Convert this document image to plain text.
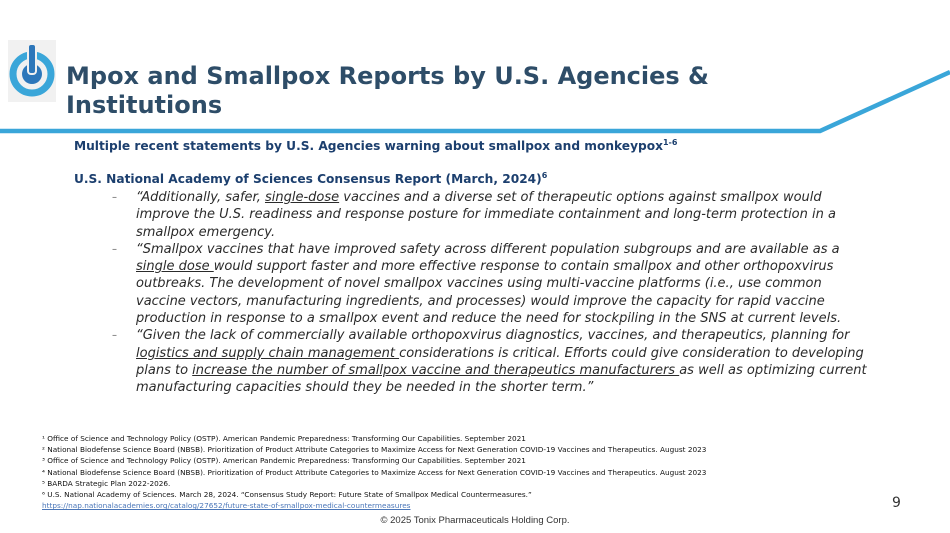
Mpox and Smallpox Reports by U.S. Agencies & Institutions

Multiple recent statements by U.S. Agencies warning about smallpox and monkeypox$^{1-6}$

U.S. National Academy of Sciences Consensus Report (March, 2024)$^6$

– “Additionally, safer, single-dose vaccines and a diverse set of therapeutic options against smallpox would improve the U.S. readiness and response posture for immediate containment and long-term protection in a smallpox emergency.
– “Smallpox vaccines that have improved safety across different population subgroups and are available as a single dose would support faster and more effective response to contain smallpox and other orthopoxvirus outbreaks. The development of novel smallpox vaccines using multi-vaccine platforms (i.e., use common vaccine vectors, manufacturing ingredients, and processes) would improve the capacity for rapid vaccine production in response to a smallpox event and reduce the need for stockpiling in the SNS at current levels.
– “Given the lack of commercially available orthopoxvirus diagnostics, vaccines, and therapeutics, planning for logistics and supply chain management considerations is critical. Efforts could give consideration to developing plans to increase the number of smallpox vaccine and therapeutics manufacturers as well as optimizing current manufacturing capacities should they be needed in the shorter term.”
¹ Office of Science and Technology Policy (OSTP). American Pandemic Preparedness: Transforming Our Capabilities. September 2021
² National Biodefense Science Board (NBSB). Prioritization of Product Attribute Categories to Maximize Access for Next Generation COVID-19 Vaccines and Therapeutics. August 2023
³ Office of Science and Technology Policy (OSTP). American Pandemic Preparedness: Transforming Our Capabilities. September 2021
⁴ National Biodefense Science Board (NBSB). Prioritization of Product Attribute Categories to Maximize Access for Next Generation COVID-19 Vaccines and Therapeutics. August 2023
⁵ BARDA Strategic Plan 2022-2026.
⁶ U.S. National Academy of Sciences. March 28, 2024. “Consensus Study Report: Future State of Smallpox Medical Countermeasures.”
https://nap.nationalacademies.org/catalog/27652/future-state-of-smallpox-medical-countermeasures	9
© 2025 Tonix Pharmaceuticals Holding Corp.
